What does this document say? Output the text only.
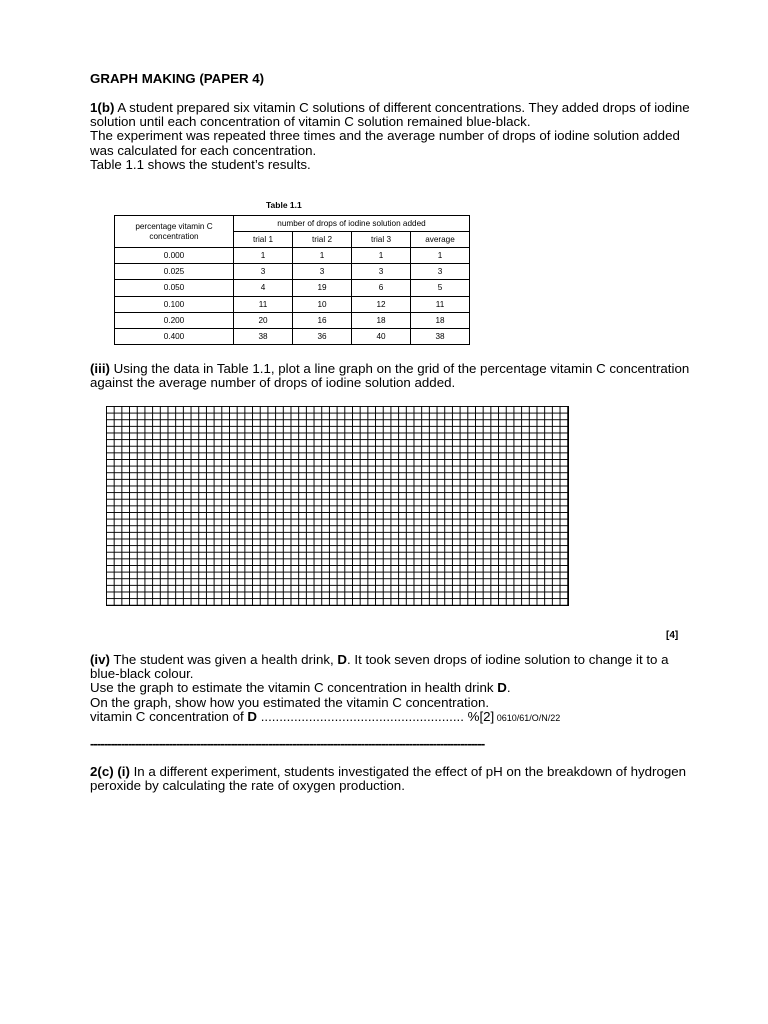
GRAPH MAKING (PAPER 4)
1(b) A student prepared six vitamin C solutions of different concentrations. They added drops of iodine solution until each concentration of vitamin C solution remained blue-black.
The experiment was repeated three times and the average number of drops of iodine solution added was calculated for each concentration.
Table 1.1 shows the student’s results.
Table 1.1
percentage vitamin C concentration	number of drops of iodine solution added			
	trial 1	trial 2	trial 3	average
0.000	1	1	1	1
0.025	3	3	3	3
0.050	4	19	6	5
0.100	11	10	12	11
0.200	20	16	18	18
0.400	38	36	40	38
(iii) Using the data in Table 1.1, plot a line graph on the grid of the percentage vitamin C concentration against the average number of drops of iodine solution added.
[4]
(iv) The student was given a health drink, D. It took seven drops of iodine solution to change it to a blue-black colour.
Use the graph to estimate the vitamin C concentration in health drink D.
On the graph, show how you estimated the vitamin C concentration.
vitamin C concentration of D ....................................................... %[2] 0610/61/O/N/22
-------------------------------------------------------------------------------------------------------------------
2(c) (i) In a different experiment, students investigated the effect of pH on the breakdown of hydrogen peroxide by calculating the rate of oxygen production.
